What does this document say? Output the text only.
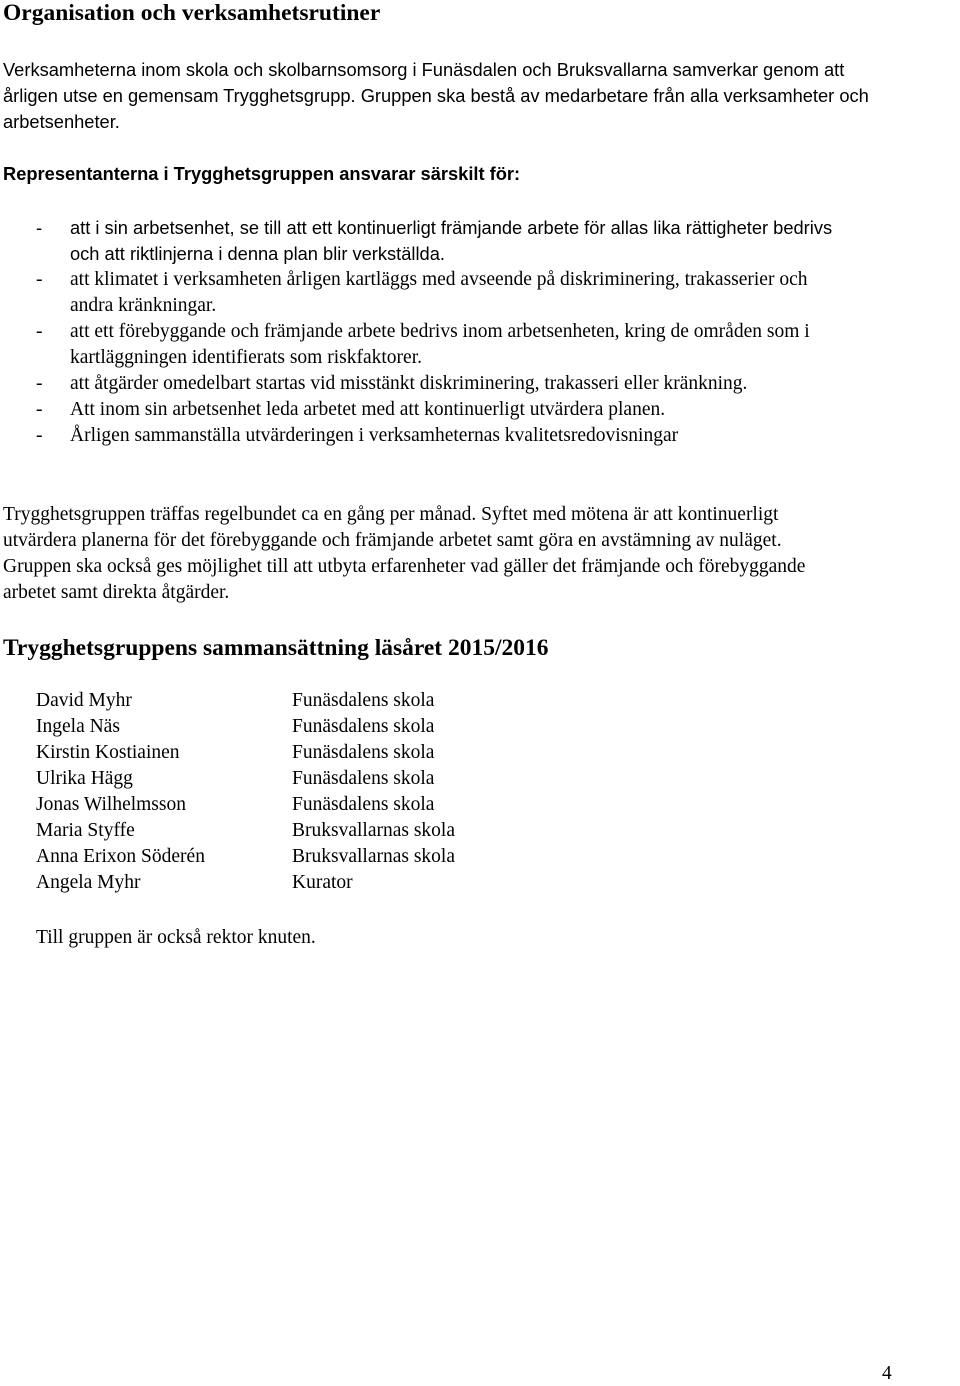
Organisation och verksamhetsrutiner

Verksamheterna inom skola och skolbarnsomsorg i Funäsdalen och Bruksvallarna samverkar genom att
årligen utse en gemensam Trygghetsgrupp. Gruppen ska bestå av medarbetare från alla verksamheter och
arbetsenheter.

Representanterna i Trygghetsgruppen ansvarar särskilt för:
- att i sin arbetsenhet, se till att ett kontinuerligt främjande arbete för allas lika rättigheter bedrivs
och att riktlinjerna i denna plan blir verkställda.
- att klimatet i verksamheten årligen kartläggs med avseende på diskriminering, trakasserier och
andra kränkningar.
- att ett förebyggande och främjande arbete bedrivs inom arbetsenheten, kring de områden som i
kartläggningen identifierats som riskfaktorer.
- att åtgärder omedelbart startas vid misstänkt diskriminering, trakasseri eller kränkning.
- Att inom sin arbetsenhet leda arbetet med att kontinuerligt utvärdera planen.
- Årligen sammanställa utvärderingen i verksamheternas kvalitetsredovisningar

Trygghetsgruppen träffas regelbundet ca en gång per månad. Syftet med mötena är att kontinuerligt
utvärdera planerna för det förebyggande och främjande arbetet samt göra en avstämning av nuläget.
Gruppen ska också ges möjlighet till att utbyta erfarenheter vad gäller det främjande och förebyggande
arbetet samt direkta åtgärder.

Trygghetsgruppens sammansättning läsåret 2015/2016
David Myhr	Funäsdalens skola
Ingela Näs	Funäsdalens skola
Kirstin Kostiainen	Funäsdalens skola
Ulrika Hägg	Funäsdalens skola
Jonas Wilhelmsson	Funäsdalens skola
Maria Styffe	Bruksvallarnas skola
Anna Erixon Söderén	Bruksvallarnas skola
Angela Myhr	Kurator
Till gruppen är också rektor knuten.
4
